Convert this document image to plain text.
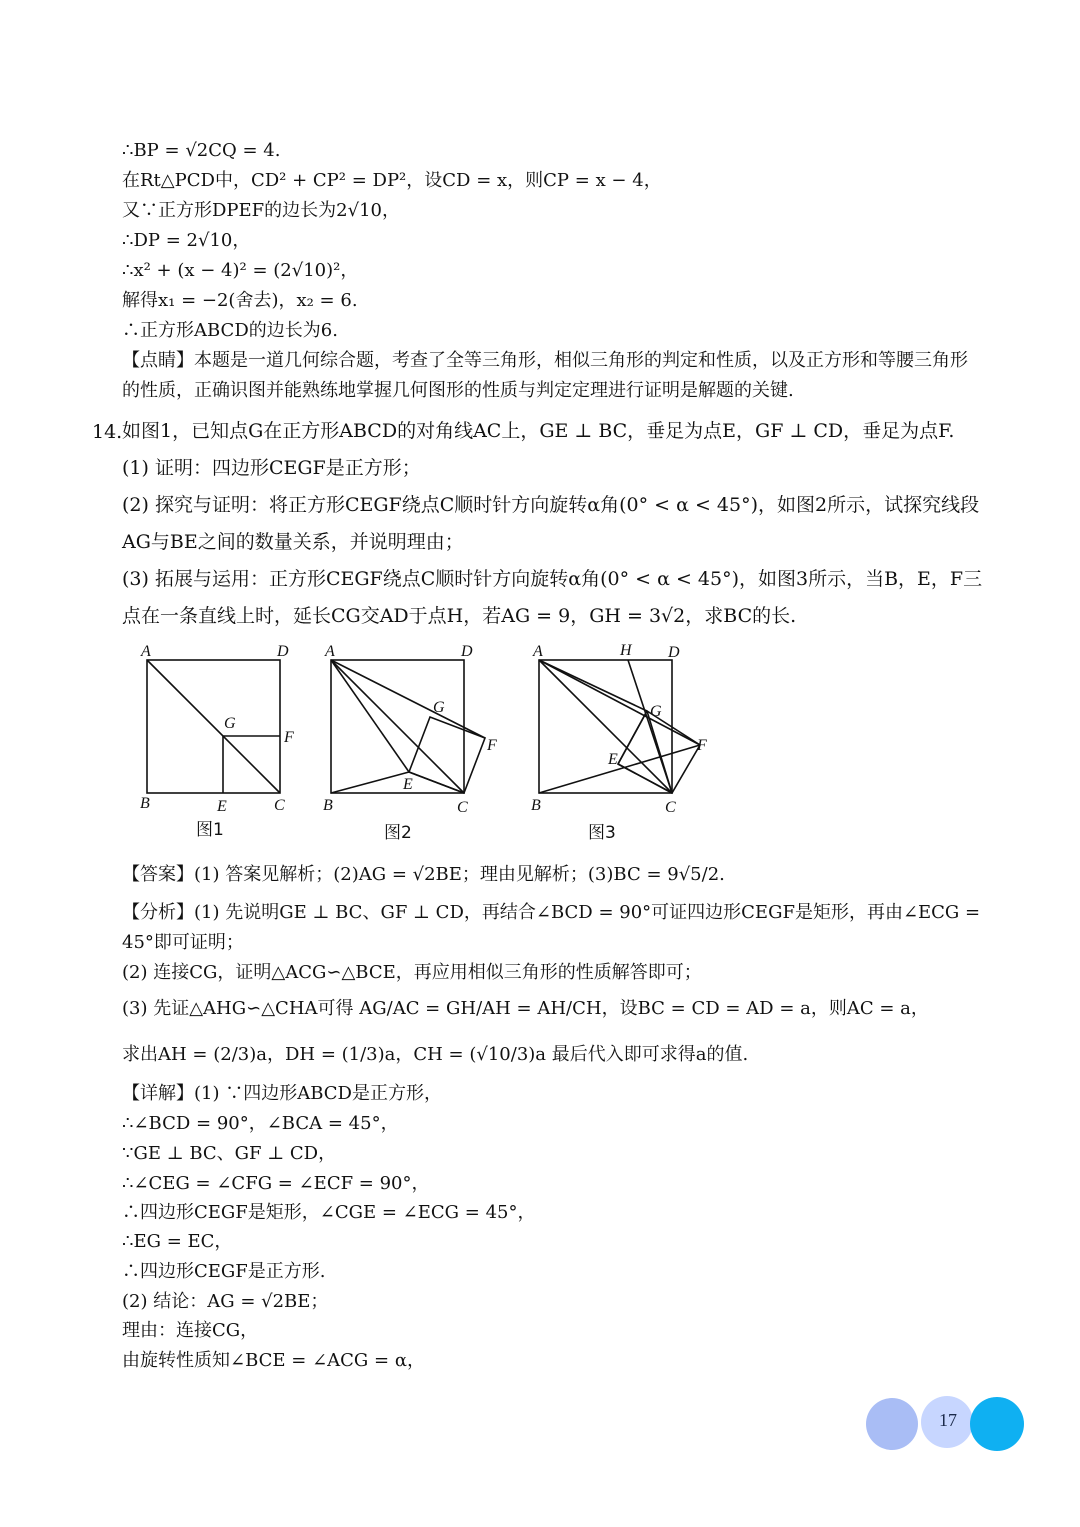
∴BP = √2CQ = 4.
在Rt△PCD中，CD² + CP² = DP²，设CD = x，则CP = x − 4，
又∵正方形DPEF的边长为2√10，
∴DP = 2√10，
∴x² + (x − 4)² = (2√10)²，
解得x₁ = −2(舍去)，x₂ = 6.
∴正方形ABCD的边长为6.
【点睛】本题是一道几何综合题，考查了全等三角形，相似三角形的判定和性质，以及正方形和等腰三角形
的性质，正确识图并能熟练地掌握几何图形的性质与判定定理进行证明是解题的关键.
14. 如图1，已知点G在正方形ABCD的对角线AC上，GE ⊥ BC，垂足为点E，GF ⊥ CD，垂足为点F.
(1) 证明：四边形CEGF是正方形；
(2) 探究与证明：将正方形CEGF绕点C顺时针方向旋转α角(0° < α < 45°)，如图2所示，试探究线段
AG与BE之间的数量关系，并说明理由；
(3) 拓展与运用：正方形CEGF绕点C顺时针方向旋转α角(0° < α < 45°)，如图3所示，当B，E，F三
点在一条直线上时，延长CG交AD于点H，若AG = 9，GH = 3√2，求BC的长.
A	D
B	C
E
F
G
A	D
B	C
E
F
G
A	H D
B	C
E
F
G
图1	图2	图3
【答案】(1) 答案见解析；(2)AG = √2BE；理由见解析；(3)BC = 9√5/2.
【分析】(1) 先说明GE ⊥ BC、GF ⊥ CD，再结合∠BCD = 90°可证四边形CEGF是矩形，再由∠ECG =
45°即可证明；
(2) 连接CG，证明△ACG∽△BCE，再应用相似三角形的性质解答即可；
(3) 先证△AHG∽△CHA可得 AG/AC = GH/AH = AH/CH，设BC = CD = AD = a，则AC = a，
求出AH = (2/3)a，DH = (1/3)a，CH = (√10/3)a 最后代入即可求得a的值.
【详解】(1) ∵四边形ABCD是正方形，
∴∠BCD = 90°，∠BCA = 45°，
∵GE ⊥ BC、GF ⊥ CD，
∴∠CEG = ∠CFG = ∠ECF = 90°，
∴四边形CEGF是矩形，∠CGE = ∠ECG = 45°，
∴EG = EC，
∴四边形CEGF是正方形.
(2) 结论：AG = √2BE；
理由：连接CG，
由旋转性质知∠BCE = ∠ACG = α，
17
